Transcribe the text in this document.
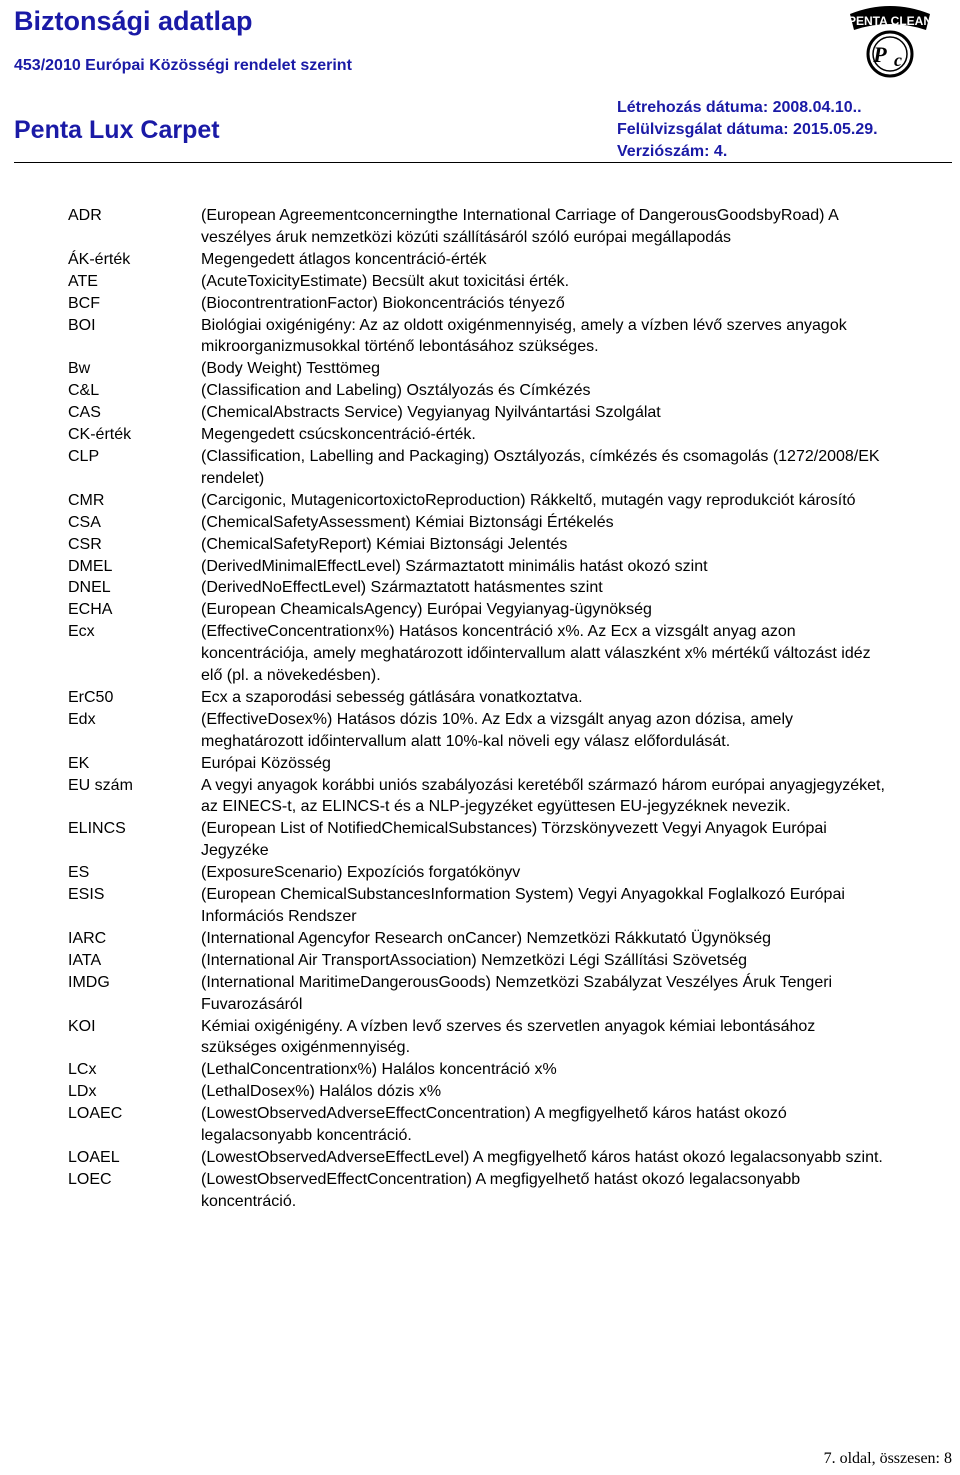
Biztonsági adatlap
453/2010 Európai Közösségi rendelet szerint
Penta Lux Carpet
Létrehozás dátuma: 2008.04.10..
Felülvizsgálat dátuma: 2015.05.29.
Verziószám: 4.
PENTA CLEAN
P c
ADR	(European Agreementconcerningthe International Carriage of DangerousGoodsbyRoad) A veszélyes áruk nemzetközi közúti szállításáról szóló európai megállapodás
ÁK-érték	Megengedett átlagos koncentráció-érték
ATE	(AcuteToxicityEstimate) Becsült akut toxicitási érték.
BCF	(BiocontrentrationFactor) Biokoncentrációs tényező
BOI	Biológiai oxigénigény: Az az oldott oxigénmennyiség, amely a vízben lévő szerves anyagok mikroorganizmusokkal történő lebontásához szükséges.
Bw	(Body Weight) Testtömeg
C&L	(Classification and Labeling) Osztályozás és Címkézés
CAS	(ChemicalAbstracts Service) Vegyianyag Nyilvántartási Szolgálat
CK-érték	Megengedett csúcskoncentráció-érték.
CLP	(Classification, Labelling and Packaging) Osztályozás, címkézés és csomagolás (1272/2008/EK rendelet)
CMR	(Carcigonic, MutagenicortoxictoReproduction) Rákkeltő, mutagén vagy reprodukciót károsító
CSA	(ChemicalSafetyAssessment) Kémiai Biztonsági Értékelés
CSR	(ChemicalSafetyReport) Kémiai Biztonsági Jelentés
DMEL	(DerivedMinimalEffectLevel) Származtatott minimális hatást okozó szint
DNEL	(DerivedNoEffectLevel) Származtatott hatásmentes szint
ECHA	(European CheamicalsAgency) Európai Vegyianyag-ügynökség
Ecx	(EffectiveConcentrationx%) Hatásos koncentráció x%. Az Ecx a vizsgált anyag azon koncentrációja, amely meghatározott időintervallum alatt válaszként x% mértékű változást idéz elő (pl. a növekedésben).
ErC50	Ecx a szaporodási sebesség gátlására vonatkoztatva.
Edx	(EffectiveDosex%) Hatásos dózis 10%. Az Edx a vizsgált anyag azon dózisa, amely meghatározott időintervallum alatt 10%-kal növeli egy válasz előfordulását.
EK	Európai Közösség
EU szám	A vegyi anyagok korábbi uniós szabályozási keretéből származó három európai anyagjegyzéket, az EINECS-t, az ELINCS-t és a NLP-jegyzéket együttesen EU-jegyzéknek nevezik.
ELINCS	(European List of NotifiedChemicalSubstances) Törzskönyvezett Vegyi Anyagok Európai Jegyzéke
ES	(ExposureScenario) Expozíciós forgatókönyv
ESIS	(European ChemicalSubstancesInformation System) Vegyi Anyagokkal Foglalkozó Európai Információs Rendszer
IARC	(International Agencyfor Research onCancer) Nemzetközi Rákkutató Ügynökség
IATA	(International Air TransportAssociation) Nemzetközi Légi Szállítási Szövetség
IMDG	(International MaritimeDangerousGoods) Nemzetközi Szabályzat Veszélyes Áruk Tengeri Fuvarozásáról
KOI	Kémiai oxigénigény. A vízben levő szerves és szervetlen anyagok kémiai lebontásához szükséges oxigénmennyiség.
LCx	(LethalConcentrationx%) Halálos koncentráció x%
LDx	(LethalDosex%) Halálos dózis x%
LOAEC	(LowestObservedAdverseEffectConcentration) A megfigyelhető káros hatást okozó legalacsonyabb koncentráció.
LOAEL	(LowestObservedAdverseEffectLevel) A megfigyelhető káros hatást okozó legalacsonyabb szint.
LOEC	(LowestObservedEffectConcentration) A megfigyelhető hatást okozó legalacsonyabb koncentráció.
7. oldal, összesen: 8
